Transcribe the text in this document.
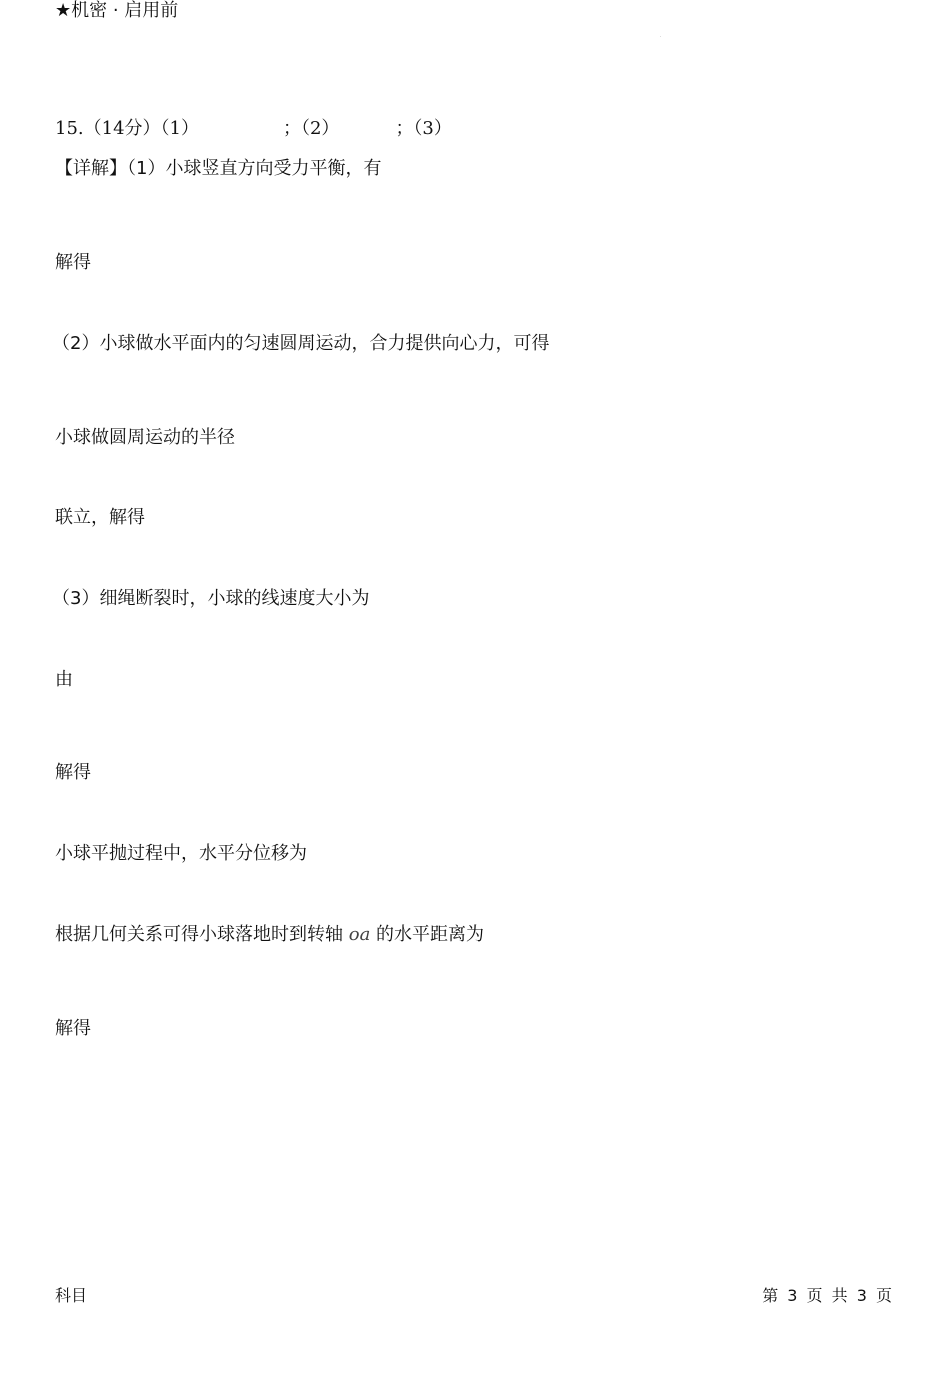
★机密 · 启用前
15.（14分）（1）	；（2）	；（3）
【详解】（1）小球竖直方向受力平衡，有
解得
（2）小球做水平面内的匀速圆周运动，合力提供向心力，可得
小球做圆周运动的半径
联立，解得
（3）细绳断裂时，小球的线速度大小为
由
解得
小球平抛过程中，水平分位移为
根据几何关系可得小球落地时到转轴 oa 的水平距离为
解得
科目	第 3 页 共 3 页
